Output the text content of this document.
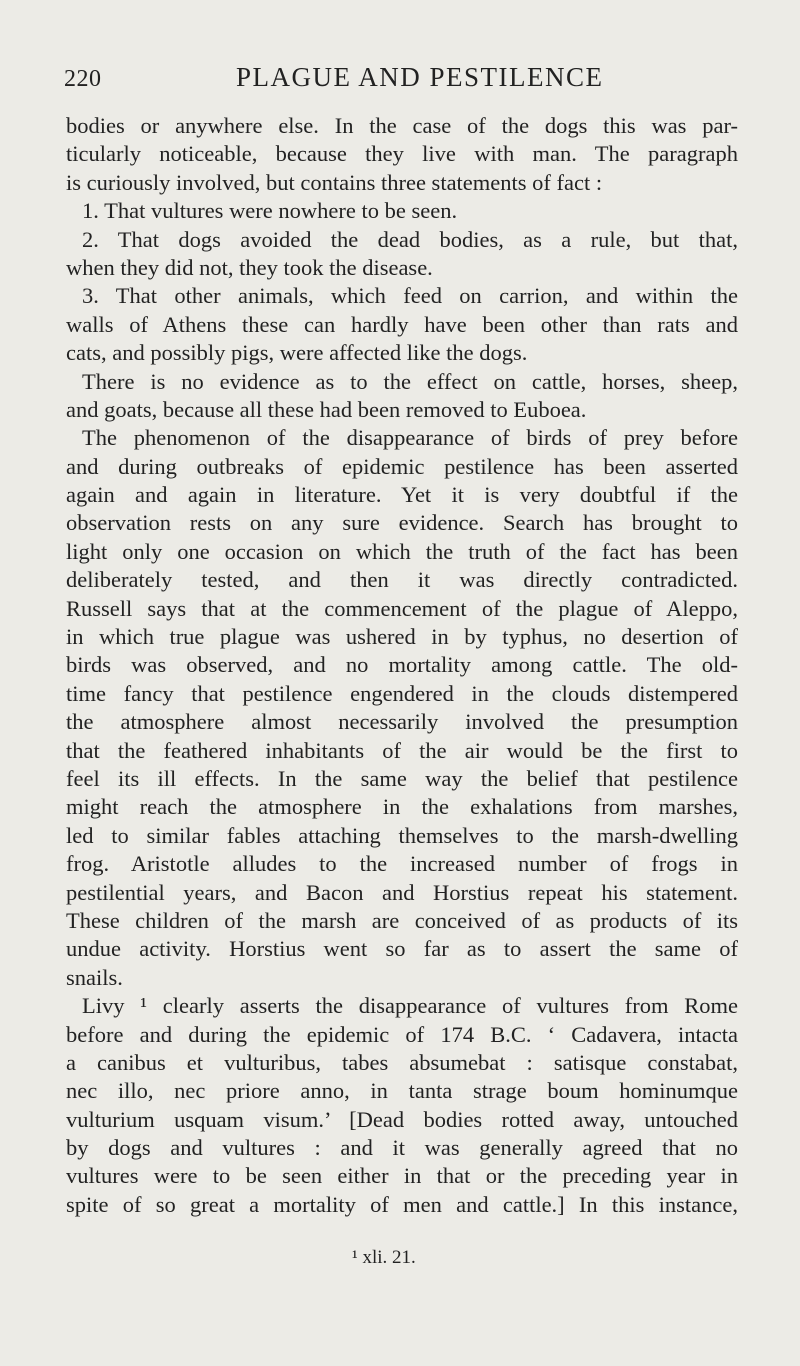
220	PLAGUE AND PESTILENCE
bodies or anywhere else. In the case of the dogs this was par-
ticularly noticeable, because they live with man. The paragraph
is curiously involved, but contains three statements of fact :
1. That vultures were nowhere to be seen.
2. That dogs avoided the dead bodies, as a rule, but that,
when they did not, they took the disease.
3. That other animals, which feed on carrion, and within the
walls of Athens these can hardly have been other than rats and
cats, and possibly pigs, were affected like the dogs.
There is no evidence as to the effect on cattle, horses, sheep,
and goats, because all these had been removed to Euboea.
The phenomenon of the disappearance of birds of prey before
and during outbreaks of epidemic pestilence has been asserted
again and again in literature. Yet it is very doubtful if the
observation rests on any sure evidence. Search has brought to
light only one occasion on which the truth of the fact has been
deliberately tested, and then it was directly contradicted.
Russell says that at the commencement of the plague of Aleppo,
in which true plague was ushered in by typhus, no desertion of
birds was observed, and no mortality among cattle. The old-
time fancy that pestilence engendered in the clouds distempered
the atmosphere almost necessarily involved the presumption
that the feathered inhabitants of the air would be the first to
feel its ill effects. In the same way the belief that pestilence
might reach the atmosphere in the exhalations from marshes,
led to similar fables attaching themselves to the marsh-dwelling
frog. Aristotle alludes to the increased number of frogs in
pestilential years, and Bacon and Horstius repeat his statement.
These children of the marsh are conceived of as products of its
undue activity. Horstius went so far as to assert the same of
snails.
Livy ¹ clearly asserts the disappearance of vultures from Rome
before and during the epidemic of 174 B.C. ‘ Cadavera, intacta
a canibus et vulturibus, tabes absumebat : satisque constabat,
nec illo, nec priore anno, in tanta strage boum hominumque
vulturium usquam visum.’ [Dead bodies rotted away, untouched
by dogs and vultures : and it was generally agreed that no
vultures were to be seen either in that or the preceding year in
spite of so great a mortality of men and cattle.] In this instance,
¹ xli. 21.
